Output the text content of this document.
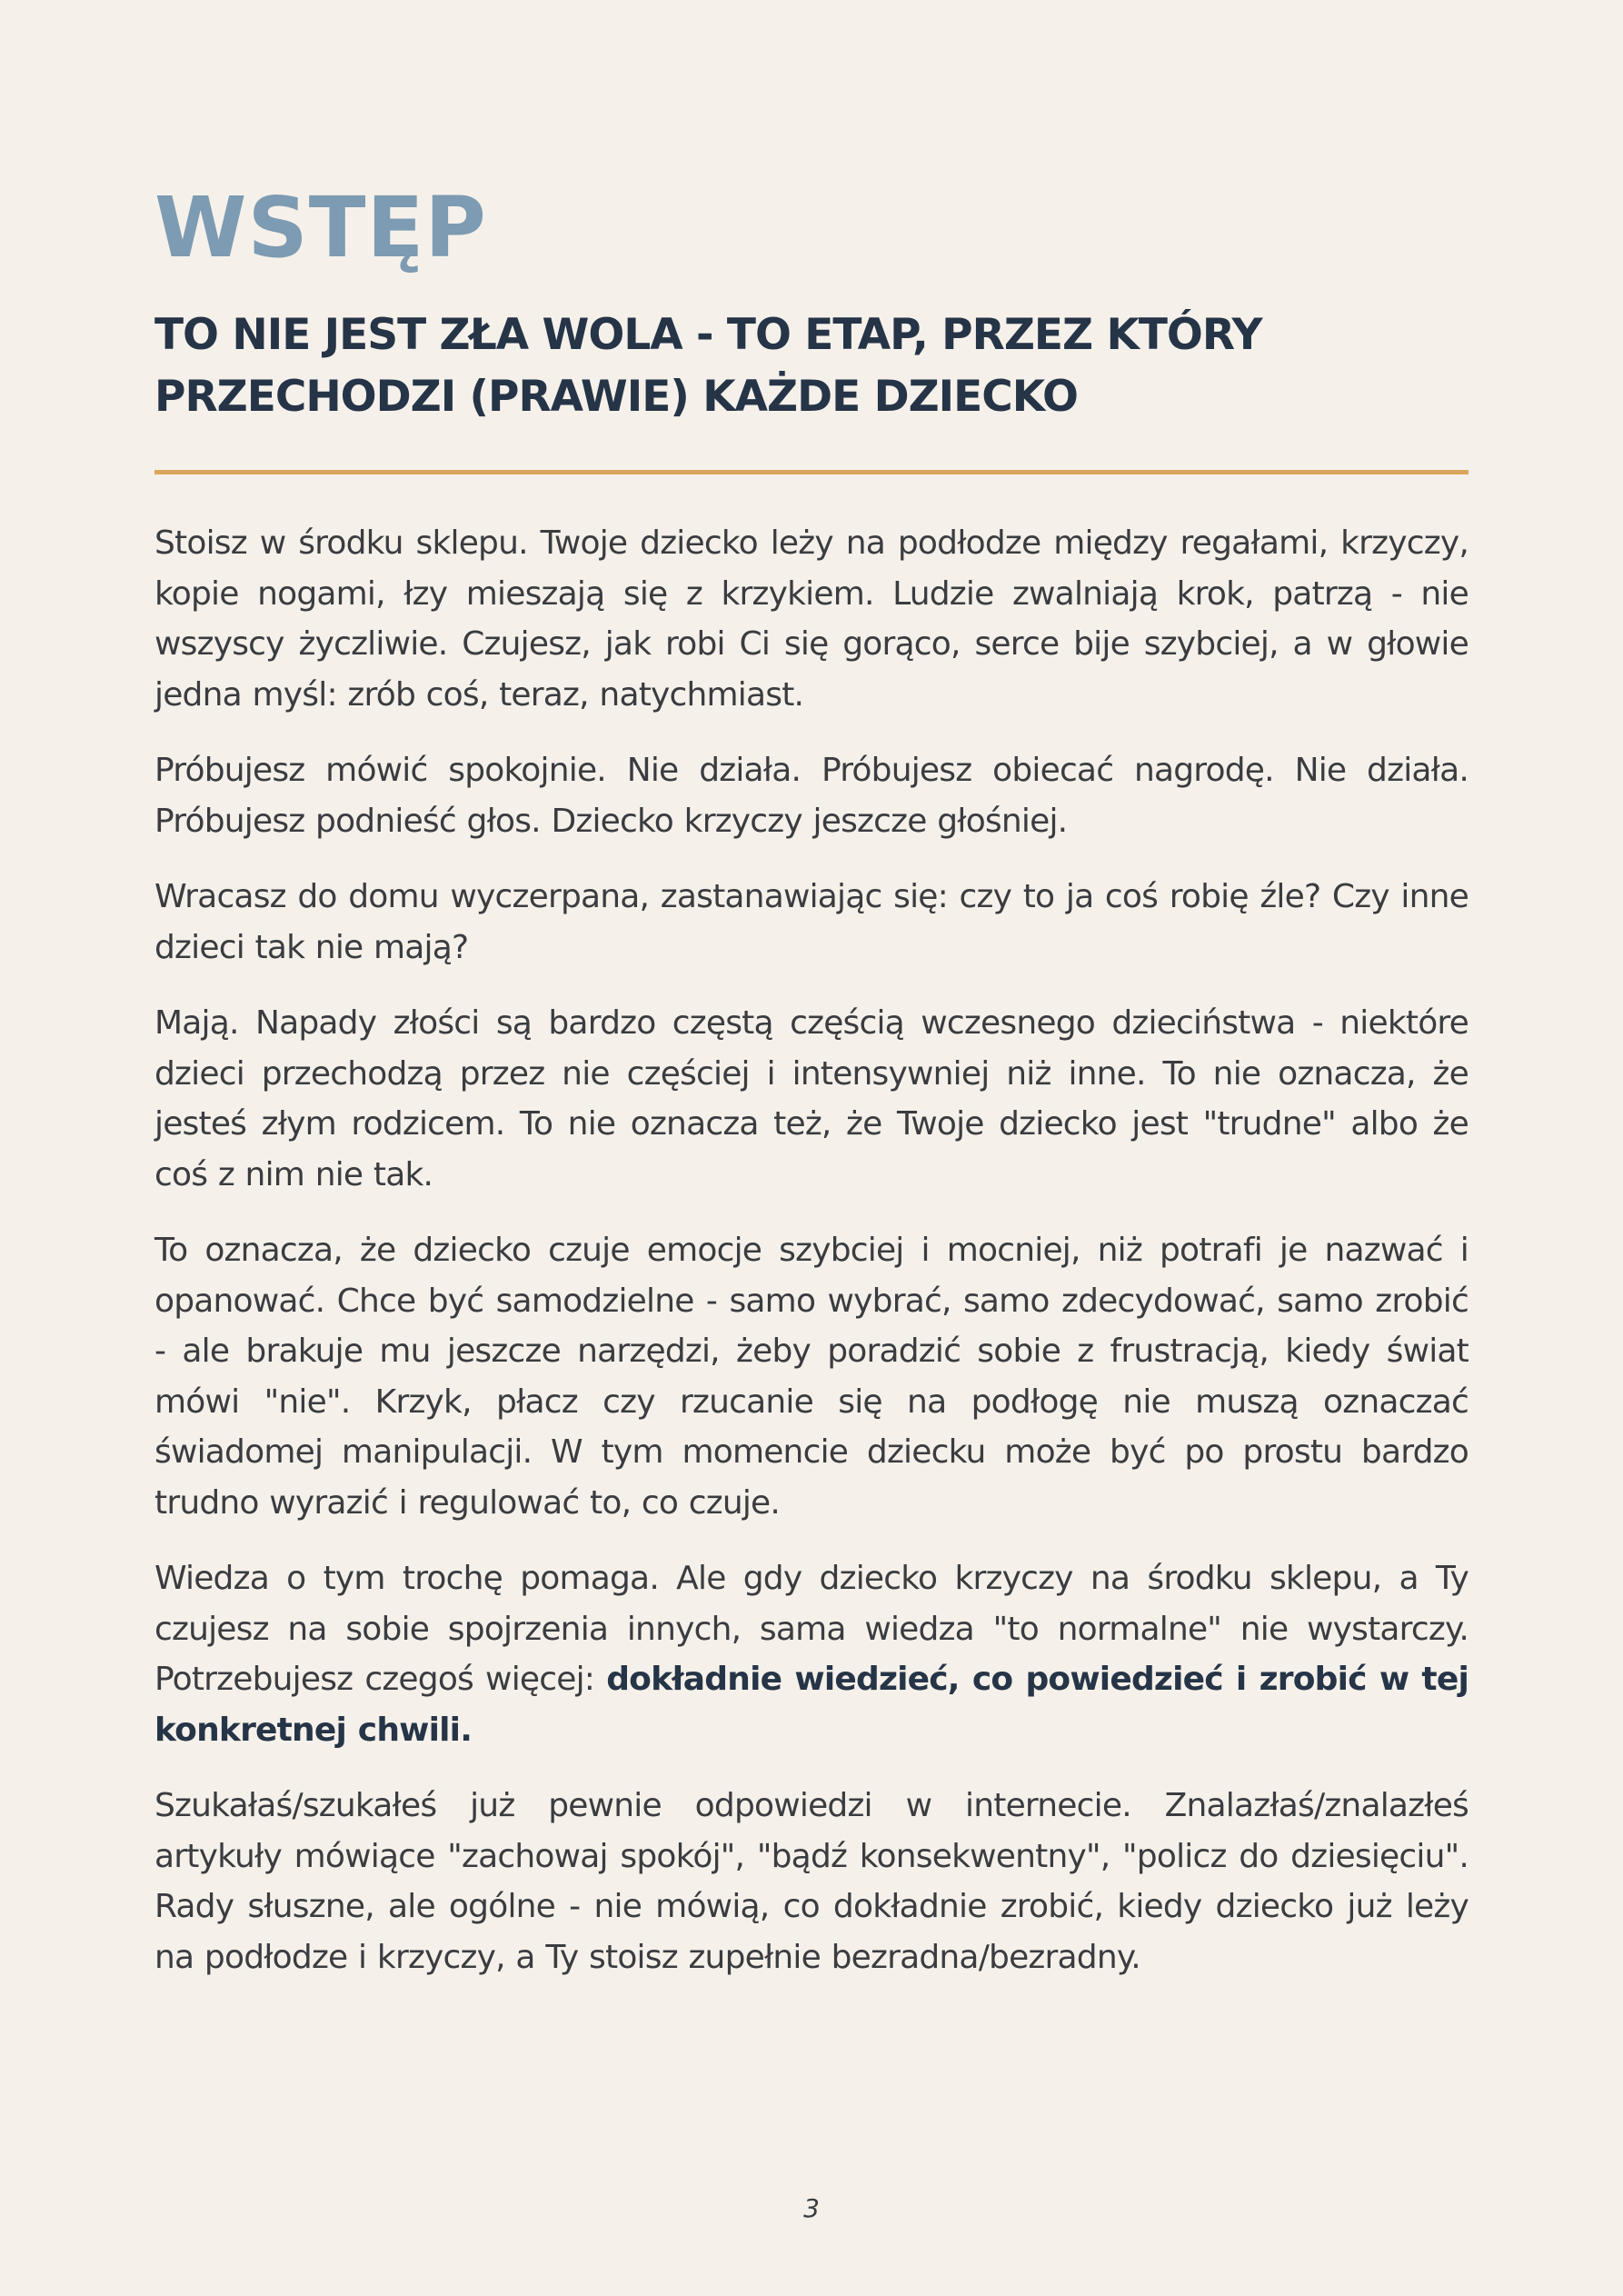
WSTĘP
TO NIE JEST ZŁA WOLA - TO ETAP, PRZEZ KTÓRY
PRZECHODZI (PRAWIE) KAŻDE DZIECKO

Stoisz w środku sklepu. Twoje dziecko leży na podłodze między regałami, krzyczy, kopie nogami, łzy mieszają się z krzykiem. Ludzie zwalniają krok, patrzą - nie wszyscy życzliwie. Czujesz, jak robi Ci się gorąco, serce bije szybciej, a w głowie jedna myśl: zrób coś, teraz, natychmiast.

Próbujesz mówić spokojnie. Nie działa. Próbujesz obiecać nagrodę. Nie działa. Próbujesz podnieść głos. Dziecko krzyczy jeszcze głośniej.

Wracasz do domu wyczerpana, zastanawiając się: czy to ja coś robię źle? Czy inne dzieci tak nie mają?

Mają. Napady złości są bardzo częstą częścią wczesnego dzieciństwa - niektóre dzieci przechodzą przez nie częściej i intensywniej niż inne. To nie oznacza, że jesteś złym rodzicem. To nie oznacza też, że Twoje dziecko jest "trudne" albo że coś z nim nie tak.

To oznacza, że dziecko czuje emocje szybciej i mocniej, niż potrafi je nazwać i opanować. Chce być samodzielne - samo wybrać, samo zdecydować, samo zrobić - ale brakuje mu jeszcze narzędzi, żeby poradzić sobie z frustracją, kiedy świat mówi "nie". Krzyk, płacz czy rzucanie się na podłogę nie muszą oznaczać świadomej manipulacji. W tym momencie dziecku może być po prostu bardzo trudno wyrazić i regulować to, co czuje.

Wiedza o tym trochę pomaga. Ale gdy dziecko krzyczy na środku sklepu, a Ty czujesz na sobie spojrzenia innych, sama wiedza "to normalne" nie wystarczy. Potrzebujesz czegoś więcej: dokładnie wiedzieć, co powiedzieć i zrobić w tej konkretnej chwili.

Szukałaś/szukałeś już pewnie odpowiedzi w internecie. Znalazłaś/znalazłeś artykuły mówiące "zachowaj spokój", "bądź konsekwentny", "policz do dziesięciu". Rady słuszne, ale ogólne - nie mówią, co dokładnie zrobić, kiedy dziecko już leży na podłodze i krzyczy, a Ty stoisz zupełnie bezradna/bezradny.

3
